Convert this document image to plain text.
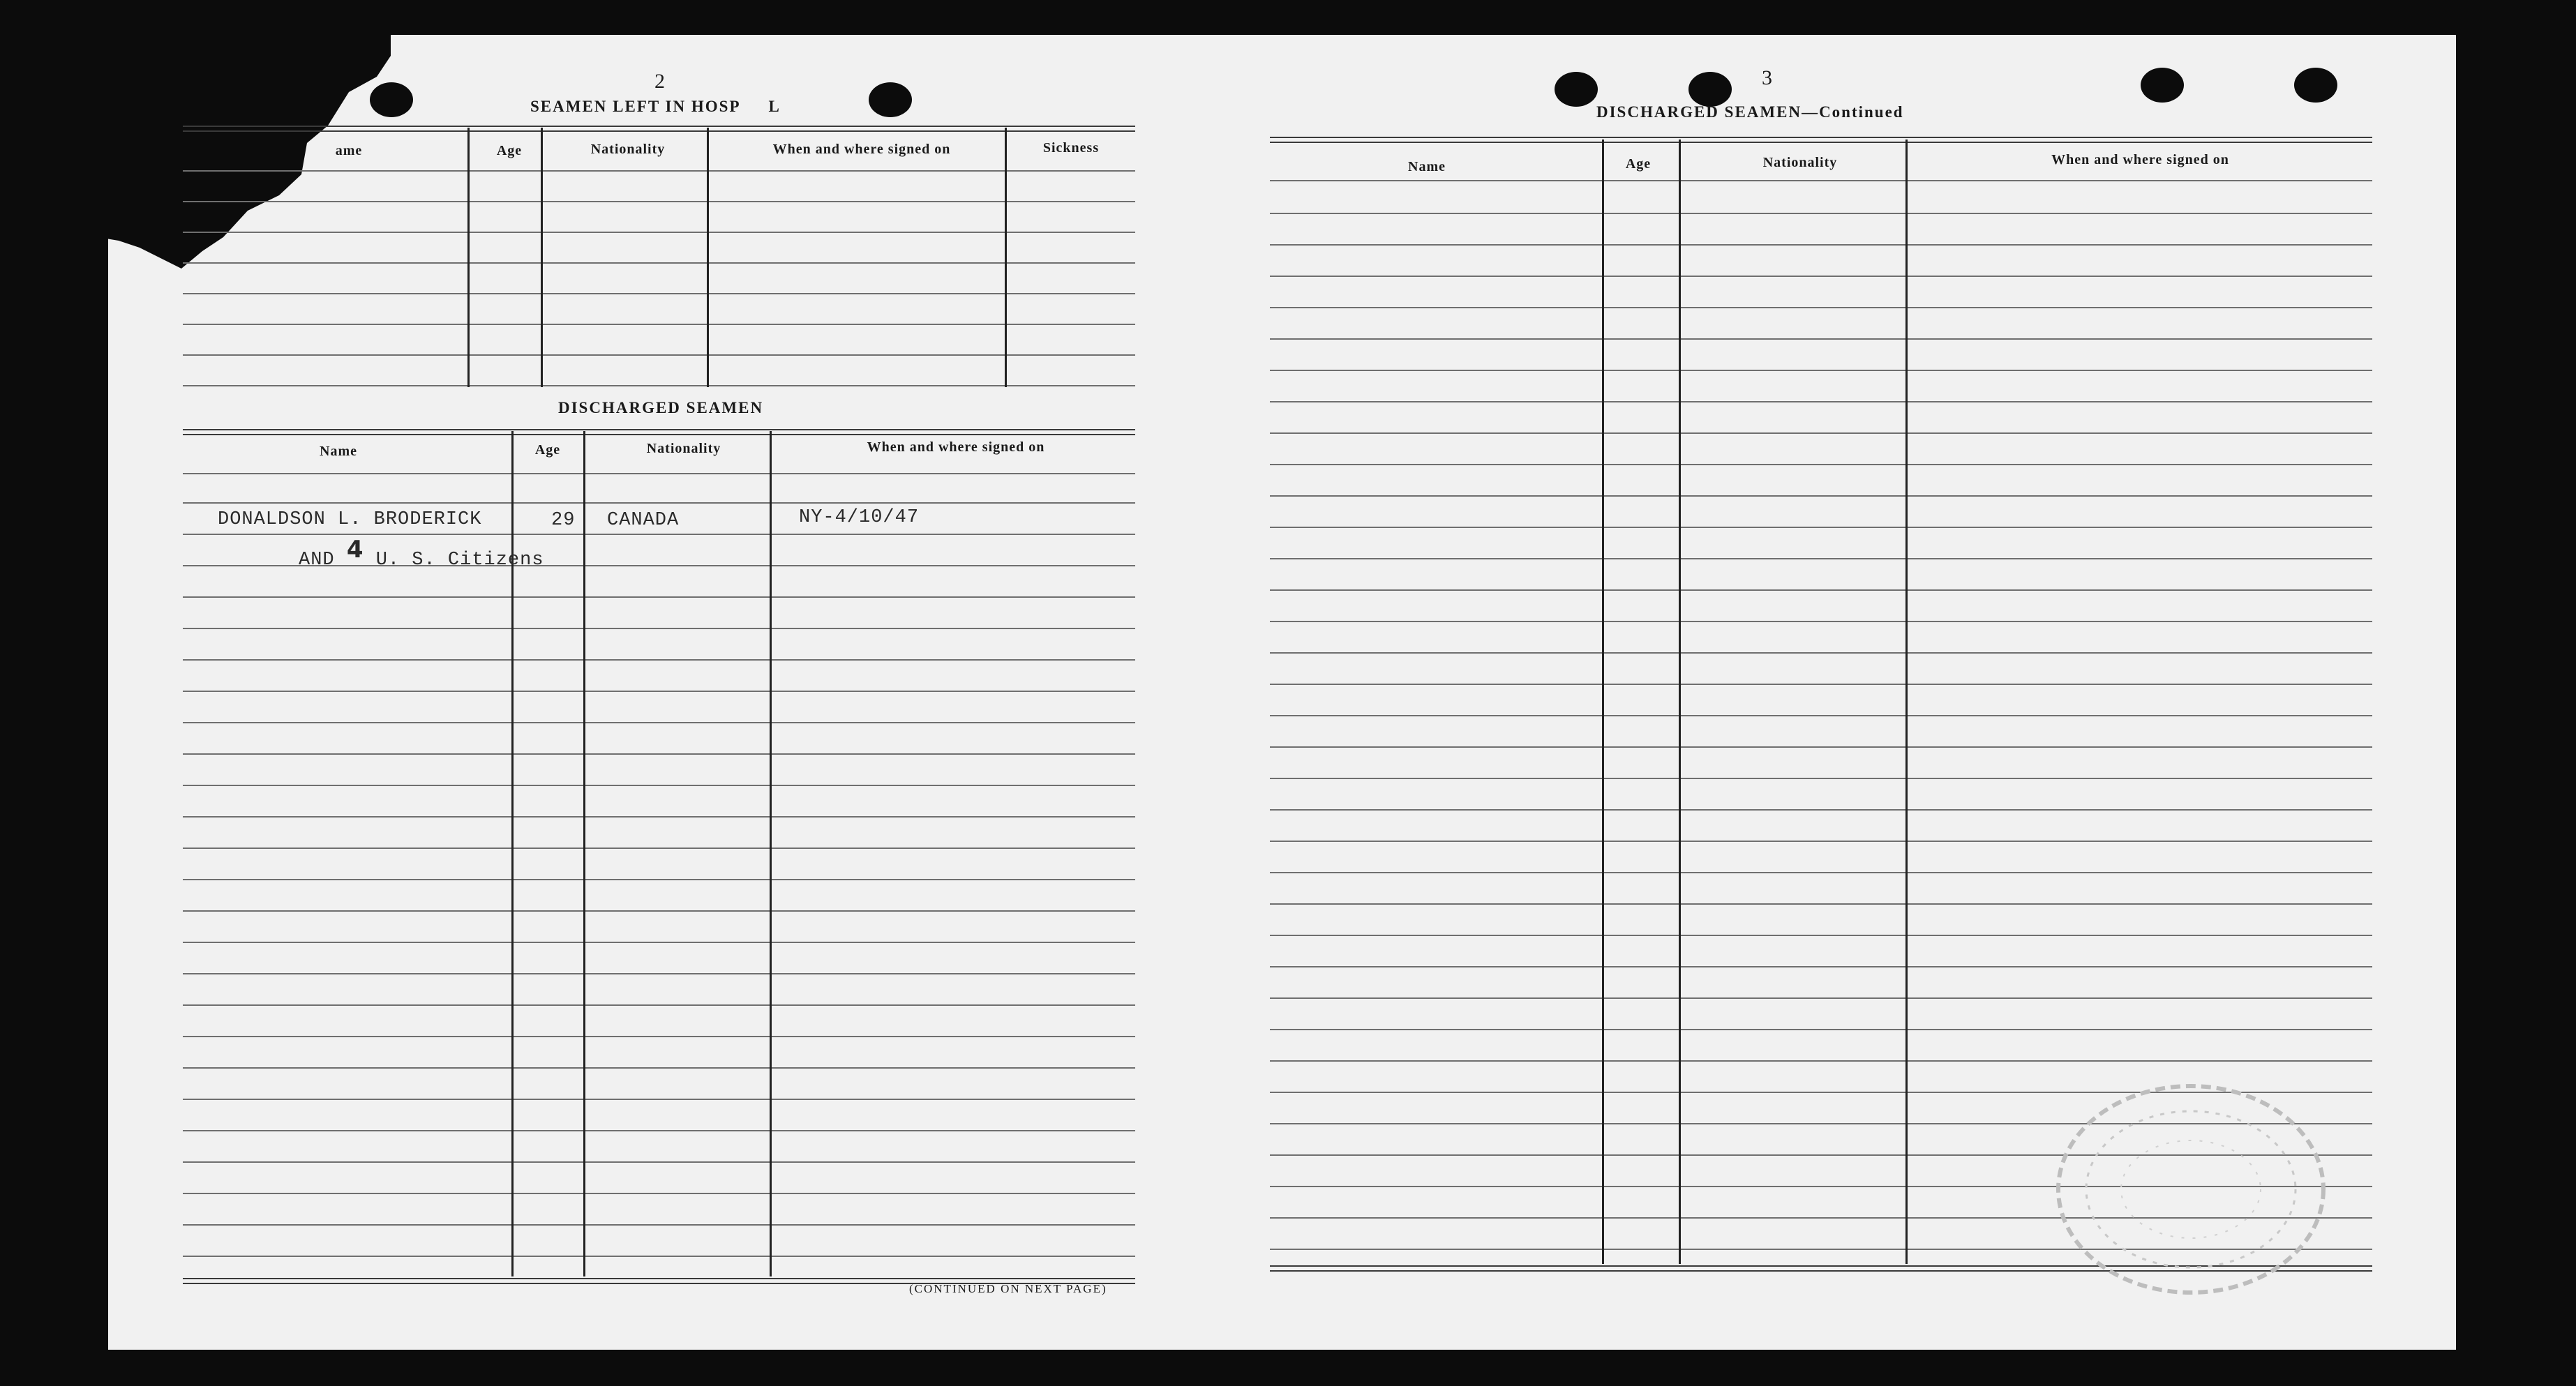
2
SEAMEN LEFT IN HOSP L
ame	Age	Nationality	When and where signed on	Sickness
DISCHARGED SEAMEN
Name	Age	Nationality	When and where signed on
DONALDSON L. BRODERICK	29 CANADA	NY-4/10/47
AND 4 U. S. Citizens
(CONTINUED ON NEXT PAGE)
3
DISCHARGED SEAMEN—Continued
Name	Age	Nationality	When and where signed on
